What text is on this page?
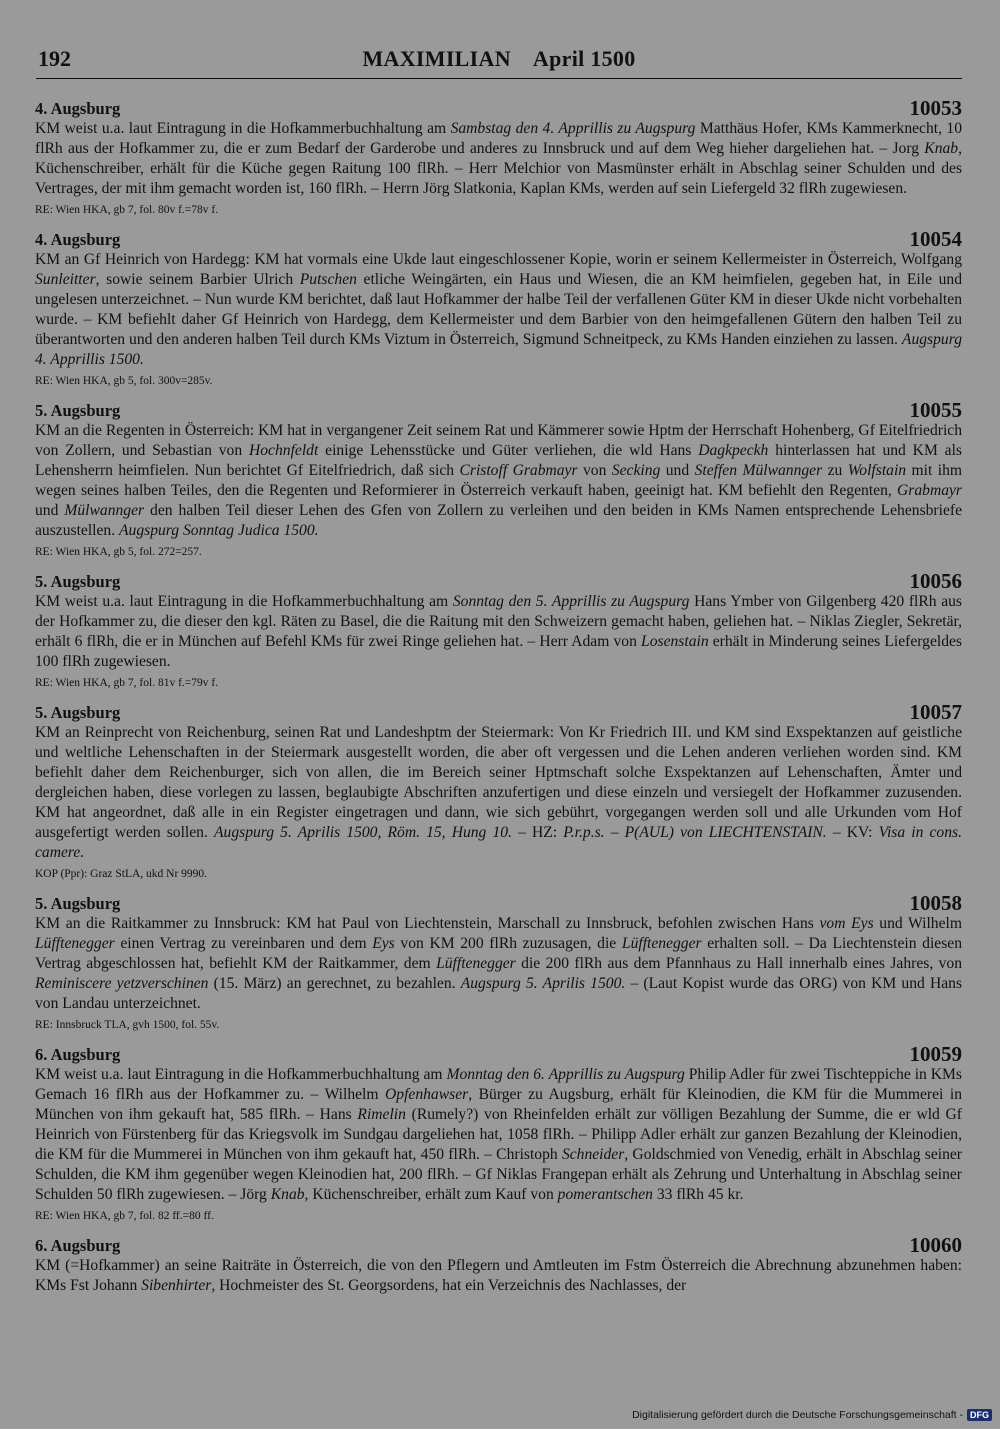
192	MAXIMILIAN April 1500
4. Augsburg	10053

KM weist u.a. laut Eintragung in die Hofkammerbuchhaltung am Sambstag den 4. Apprillis zu Augspurg Matthäus Hofer, KMs Kammerknecht, 10 flRh aus der Hofkammer zu, die er zum Bedarf der Garderobe und anderes zu Innsbruck und auf dem Weg hieher dargeliehen hat. – Jorg Knab, Küchenschreiber, erhält für die Küche gegen Raitung 100 flRh. – Herr Melchior von Masmünster erhält in Abschlag seiner Schulden und des Vertrages, der mit ihm gemacht worden ist, 160 flRh. – Herrn Jörg Slatkonia, Kaplan KMs, werden auf sein Liefergeld 32 flRh zugewiesen.

RE: Wien HKA, gb 7, fol. 80v f.=78v f.
4. Augsburg	10054

KM an Gf Heinrich von Hardegg: KM hat vormals eine Ukde laut eingeschlossener Kopie, worin er seinem Kellermeister in Österreich, Wolfgang Sunleitter, sowie seinem Barbier Ulrich Putschen etliche Weingärten, ein Haus und Wiesen, die an KM heimfielen, gegeben hat, in Eile und ungelesen unterzeichnet. – Nun wurde KM berichtet, daß laut Hofkammer der halbe Teil der verfallenen Güter KM in dieser Ukde nicht vorbehalten wurde. – KM befiehlt daher Gf Heinrich von Hardegg, dem Kellermeister und dem Barbier von den heimgefallenen Gütern den halben Teil zu überantworten und den anderen halben Teil durch KMs Viztum in Österreich, Sigmund Schneitpeck, zu KMs Handen einziehen zu lassen. Augspurg 4. Apprillis 1500.

RE: Wien HKA, gb 5, fol. 300v=285v.
5. Augsburg	10055

KM an die Regenten in Österreich: KM hat in vergangener Zeit seinem Rat und Kämmerer sowie Hptm der Herrschaft Hohenberg, Gf Eitelfriedrich von Zollern, und Sebastian von Hochnfeldt einige Lehensstücke und Güter verliehen, die wld Hans Dagkpeckh hinterlassen hat und KM als Lehensherrn heimfielen. Nun berichtet Gf Eitelfriedrich, daß sich Cristoff Grabmayr von Secking und Steffen Mülwannger zu Wolfstain mit ihm wegen seines halben Teiles, den die Regenten und Reformierer in Österreich verkauft haben, geeinigt hat. KM befiehlt den Regenten, Grabmayr und Mülwannger den halben Teil dieser Lehen des Gfen von Zollern zu verleihen und den beiden in KMs Namen entsprechende Lehensbriefe auszustellen. Augspurg Sonntag Judica 1500.

RE: Wien HKA, gb 5, fol. 272=257.
5. Augsburg	10056

KM weist u.a. laut Eintragung in die Hofkammerbuchhaltung am Sonntag den 5. Apprillis zu Augspurg Hans Ymber von Gilgenberg 420 flRh aus der Hofkammer zu, die dieser den kgl. Räten zu Basel, die die Raitung mit den Schweizern gemacht haben, geliehen hat. – Niklas Ziegler, Sekretär, erhält 6 flRh, die er in München auf Befehl KMs für zwei Ringe geliehen hat. – Herr Adam von Losenstain erhält in Minderung seines Liefergeldes 100 flRh zugewiesen.

RE: Wien HKA, gb 7, fol. 81v f.=79v f.
5. Augsburg	10057

KM an Reinprecht von Reichenburg, seinen Rat und Landeshptm der Steiermark: Von Kr Friedrich III. und KM sind Exspektanzen auf geistliche und weltliche Lehenschaften in der Steiermark ausgestellt worden, die aber oft vergessen und die Lehen anderen verliehen worden sind. KM befiehlt daher dem Reichenburger, sich von allen, die im Bereich seiner Hptmschaft solche Exspektanzen auf Lehenschaften, Ämter und dergleichen haben, diese vorlegen zu lassen, beglaubigte Abschriften anzufertigen und diese einzeln und versiegelt der Hofkammer zuzusenden. KM hat angeordnet, daß alle in ein Register eingetragen und dann, wie sich gebührt, vorgegangen werden soll und alle Urkunden vom Hof ausgefertigt werden sollen. Augspurg 5. Aprilis 1500, Röm. 15, Hung 10. – HZ: P.r.p.s. – P(AUL) von LIECHTENSTAIN. – KV: Visa in cons. camere.

KOP (Ppr): Graz StLA, ukd Nr 9990.
5. Augsburg	10058

KM an die Raitkammer zu Innsbruck: KM hat Paul von Liechtenstein, Marschall zu Innsbruck, befohlen zwischen Hans vom Eys und Wilhelm Lüfftenegger einen Vertrag zu vereinbaren und dem Eys von KM 200 flRh zuzusagen, die Lüfftenegger erhalten soll. – Da Liechtenstein diesen Vertrag abgeschlossen hat, befiehlt KM der Raitkammer, dem Lüfftenegger die 200 flRh aus dem Pfannhaus zu Hall innerhalb eines Jahres, von Reminiscere yetzverschinen (15. März) an gerechnet, zu bezahlen. Augspurg 5. Aprilis 1500. – (Laut Kopist wurde das ORG) von KM und Hans von Landau unterzeichnet.

RE: Innsbruck TLA, gvh 1500, fol. 55v.
6. Augsburg	10059

KM weist u.a. laut Eintragung in die Hofkammerbuchhaltung am Monntag den 6. Apprillis zu Augspurg Philip Adler für zwei Tischteppiche in KMs Gemach 16 flRh aus der Hofkammer zu. – Wilhelm Opfenhawser, Bürger zu Augsburg, erhält für Kleinodien, die KM für die Mummerei in München von ihm gekauft hat, 585 flRh. – Hans Rimelin (Rumely?) von Rheinfelden erhält zur völligen Bezahlung der Summe, die er wld Gf Heinrich von Fürstenberg für das Kriegsvolk im Sundgau dargeliehen hat, 1058 flRh. – Philipp Adler erhält zur ganzen Bezahlung der Kleinodien, die KM für die Mummerei in München von ihm gekauft hat, 450 flRh. – Christoph Schneider, Goldschmied von Venedig, erhält in Abschlag seiner Schulden, die KM ihm gegenüber wegen Kleinodien hat, 200 flRh. – Gf Niklas Frangepan erhält als Zehrung und Unterhaltung in Abschlag seiner Schulden 50 flRh zugewiesen. – Jörg Knab, Küchenschreiber, erhält zum Kauf von pomerantschen 33 flRh 45 kr.

RE: Wien HKA, gb 7, fol. 82 ff.=80 ff.
6. Augsburg	10060

KM (=Hofkammer) an seine Raiträte in Österreich, die von den Pflegern und Amtleuten im Fstm Österreich die Abrechnung abzunehmen haben: KMs Fst Johann Sibenhirter, Hochmeister des St. Georgsordens, hat ein Verzeichnis des Nachlasses, der

Digitalisierung gefördert durch die Deutsche Forschungsgemeinschaft - DFG
